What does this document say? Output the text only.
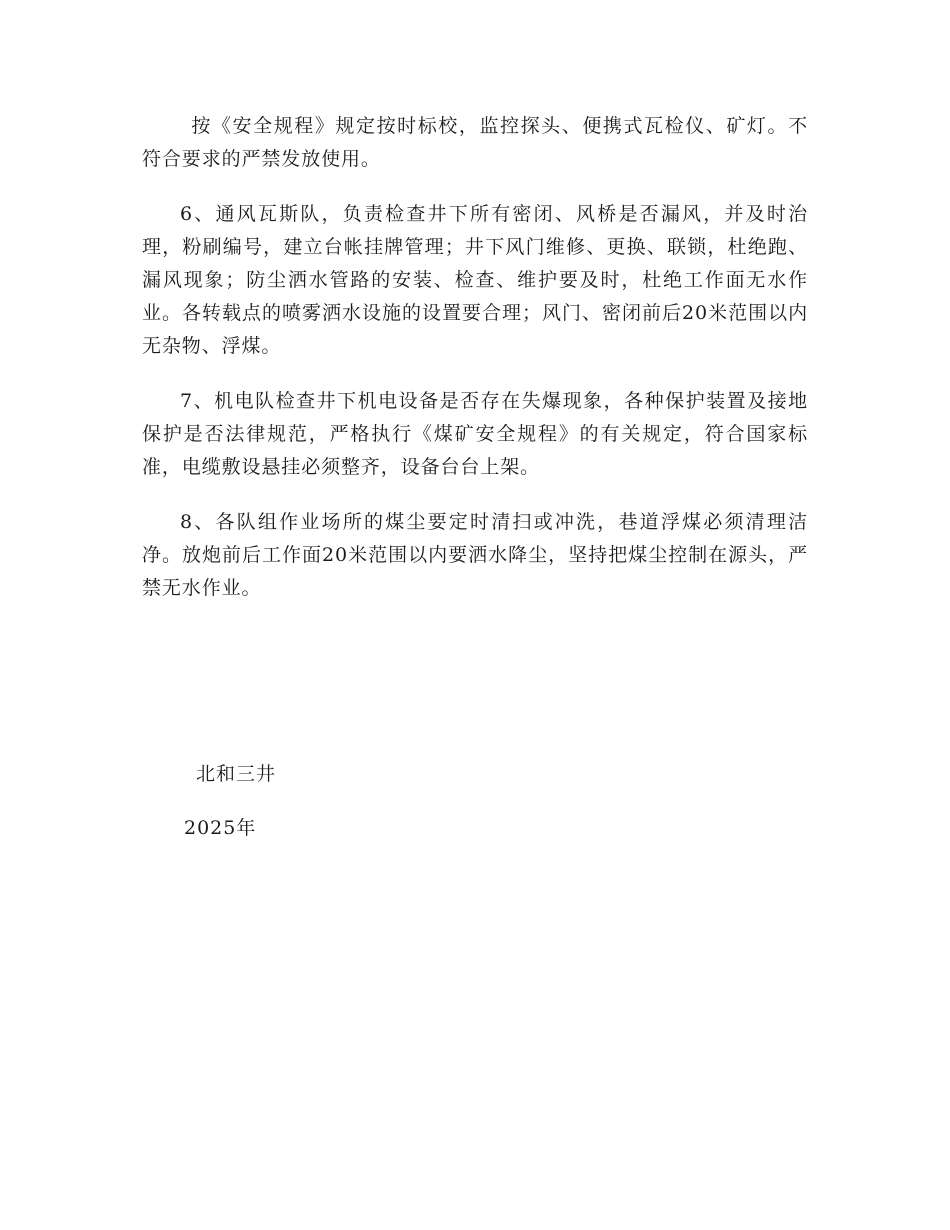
按《安全规程》规定按时标校，监控探头、便携式瓦检仪、矿灯。不符合要求的严禁发放使用。

6、通风瓦斯队，负责检查井下所有密闭、风桥是否漏风，并及时治理，粉刷编号，建立台帐挂牌管理；井下风门维修、更换、联锁，杜绝跑、漏风现象；防尘洒水管路的安装、检查、维护要及时，杜绝工作面无水作业。各转载点的喷雾洒水设施的设置要合理；风门、密闭前后20米范围以内无杂物、浮煤。

7、机电队检查井下机电设备是否存在失爆现象，各种保护装置及接地保护是否法律规范，严格执行《煤矿安全规程》的有关规定，符合国家标准，电缆敷设悬挂必须整齐，设备台台上架。

8、各队组作业场所的煤尘要定时清扫或冲洗，巷道浮煤必须清理洁净。放炮前后工作面20米范围以内要洒水降尘，坚持把煤尘控制在源头，严禁无水作业。

北和三井

2025年
